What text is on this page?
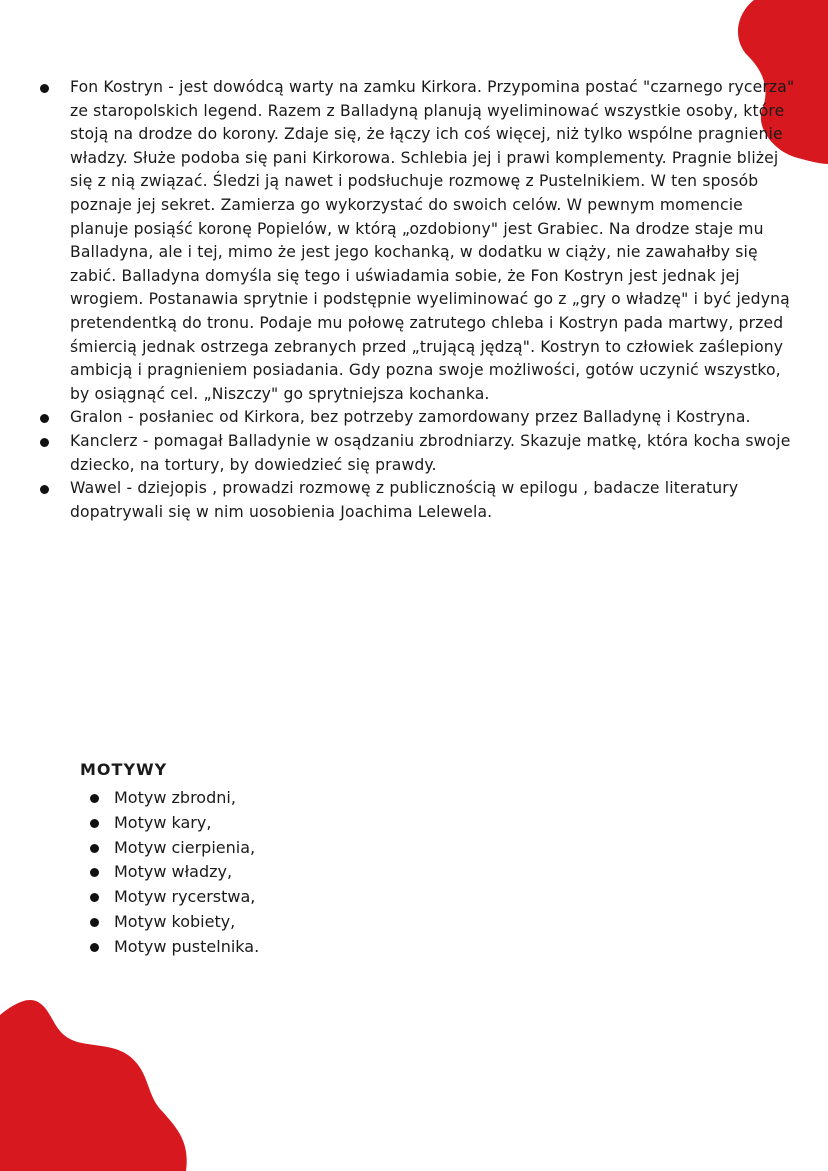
Fon Kostryn - jest dowódcą warty na zamku Kirkora. Przypomina postać "czarnego rycerza" ze staropolskich legend. Razem z Balladyną planują wyeliminować wszystkie osoby, które stoją na drodze do korony. Zdaje się, że łączy ich coś więcej, niż tylko wspólne pragnienie władzy. Służe podoba się pani Kirkorowa. Schlebia jej i prawi komplementy. Pragnie bliżej się z nią związać. Śledzi ją nawet i podsłuchuje rozmowę z Pustelnikiem. W ten sposób poznaje jej sekret. Zamierza go wykorzystać do swoich celów. W pewnym momencie planuje posiąść koronę Popielów, w którą „ozdobiony" jest Grabiec. Na drodze staje mu Balladyna, ale i tej, mimo że jest jego kochanką, w dodatku w ciąży, nie zawahałby się zabić. Balladyna domyśla się tego i uświadamia sobie, że Fon Kostryn jest jednak jej wrogiem. Postanawia sprytnie i podstępnie wyeliminować go z „gry o władzę" i być jedyną pretendentką do tronu. Podaje mu połowę zatrutego chleba i Kostryn pada martwy, przed śmiercią jednak ostrzega zebranych przed „trującą jędzą". Kostryn to człowiek zaślepiony ambicją i pragnieniem posiadania. Gdy pozna swoje możliwości, gotów uczynić wszystko, by osiągnąć cel. „Niszczy" go sprytniejsza kochanka.
Gralon - posłaniec od Kirkora, bez potrzeby zamordowany przez Balladynę i Kostryna.
Kanclerz - pomagał Balladynie w osądzaniu zbrodniarzy. Skazuje matkę, która kocha swoje dziecko, na tortury, by dowiedzieć się prawdy.
Wawel - dziejopis , prowadzi rozmowę z publicznością w epilogu , badacze literatury dopatrywali się w nim uosobienia Joachima Lelewela.
MOTYWY
Motyw zbrodni,
Motyw kary,
Motyw cierpienia,
Motyw władzy,
Motyw rycerstwa,
Motyw kobiety,
Motyw pustelnika.
